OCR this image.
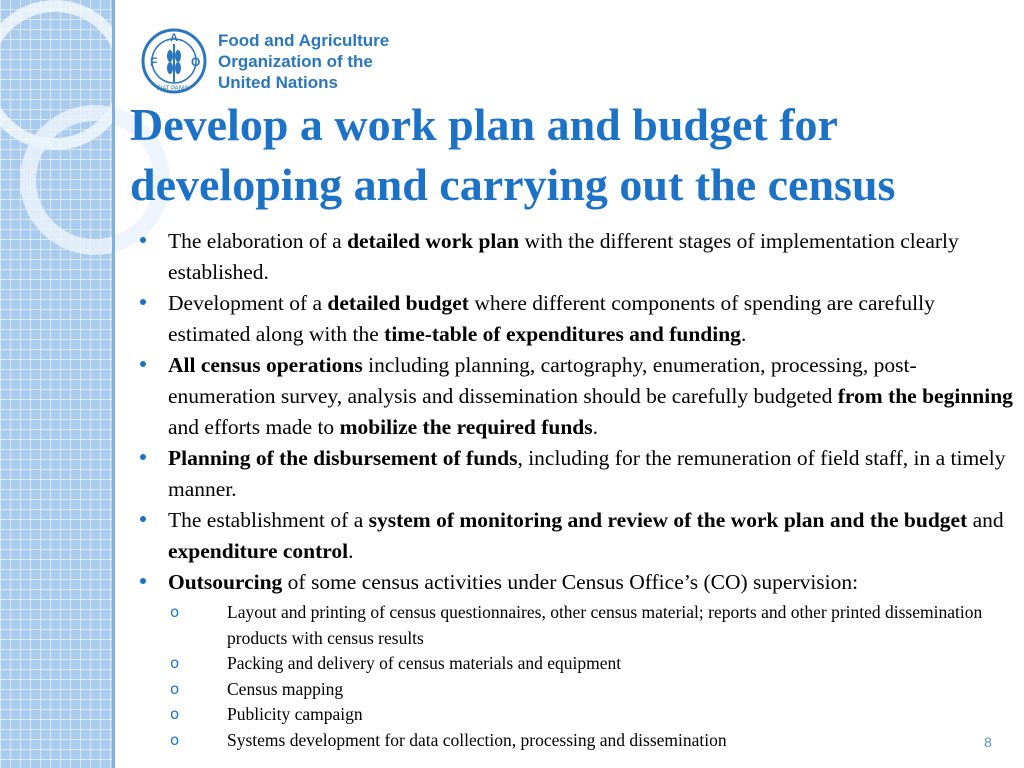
F
A
O
FIAT PANIS
Food and Agriculture
Organization of the
United Nations
Develop a work plan and budget for
developing and carrying out the census
The elaboration of a detailed work plan with the different stages of implementation clearly established.
Development of a detailed budget where different components of spending are carefully estimated along with the time-table of expenditures and funding.
All census operations including planning, cartography, enumeration, processing, post-enumeration survey, analysis and dissemination should be carefully budgeted from the beginning and efforts made to mobilize the required funds.
Planning of the disbursement of funds, including for the remuneration of field staff, in a timely manner.
The establishment of a system of monitoring and review of the work plan and the budget and expenditure control.
Outsourcing of some census activities under Census Office’s (CO) supervision:
o	Layout and printing of census questionnaires, other census material; reports and other printed dissemination products with census results
o	Packing and delivery of census materials and equipment
o	Census mapping
o	Publicity campaign
o	Systems development for data collection, processing and dissemination	8
